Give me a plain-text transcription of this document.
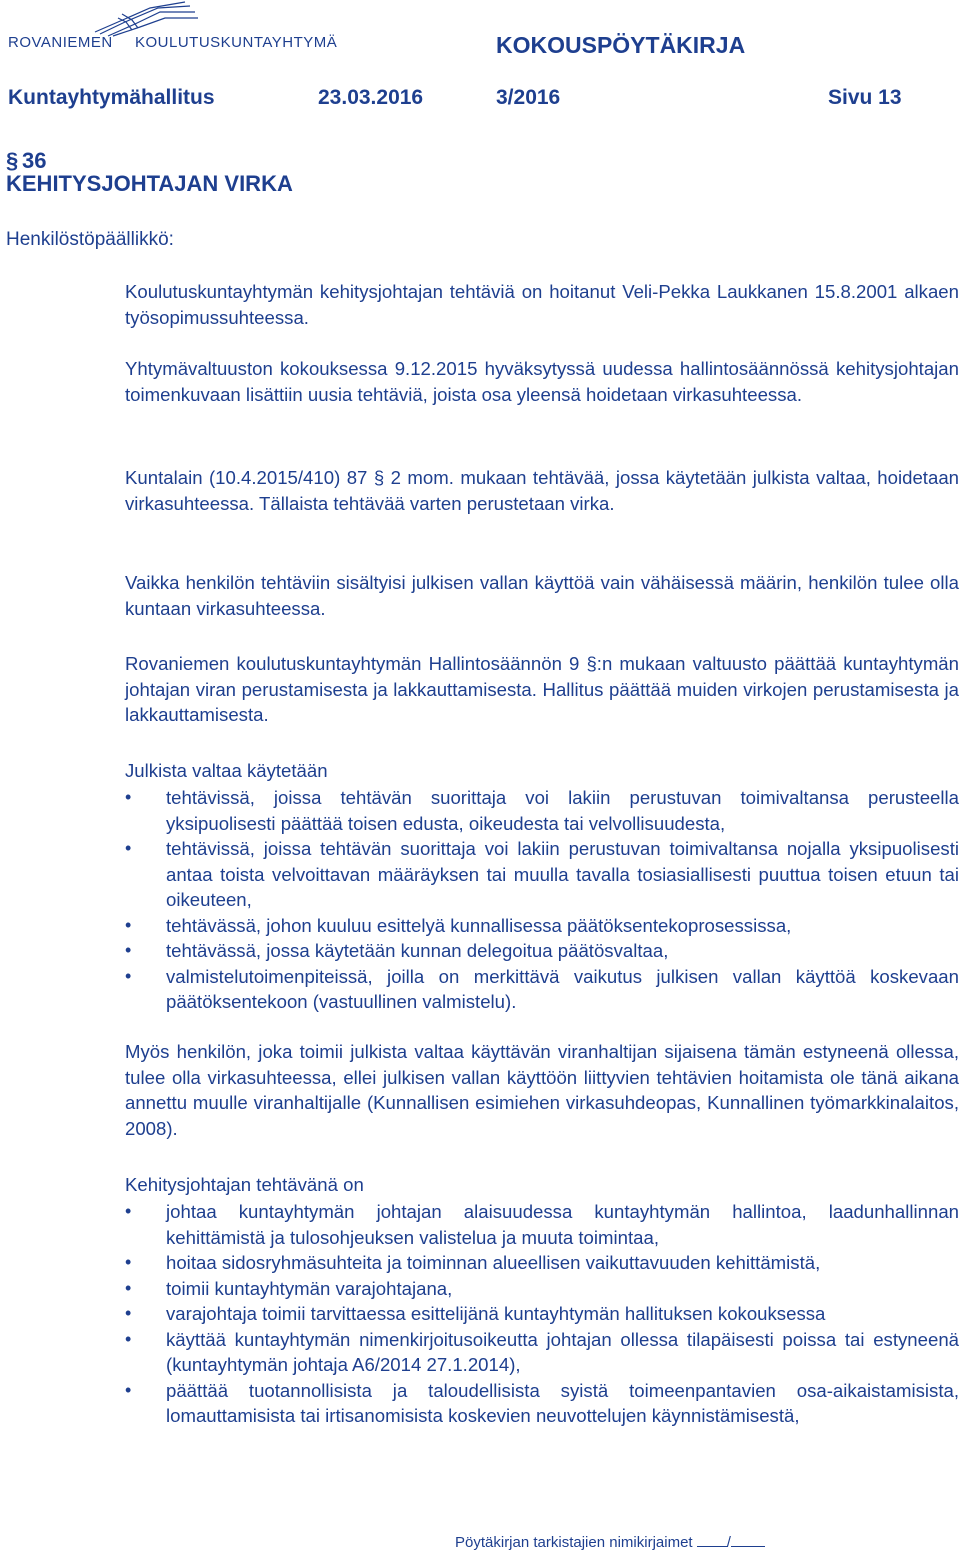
ROVANIEMEN KOULUTUSKUNTAYHTYMÄ	KOKOUSPÖYTÄKIRJA
Kuntayhtymähallitus	23.03.2016	3/2016	Sivu 13
§ 36
KEHITYSJOHTAJAN VIRKA
Henkilöstöpäällikkö:

Koulutuskuntayhtymän kehitysjohtajan tehtäviä on hoitanut Veli-Pekka Laukkanen 15.8.2001 alkaen työsopimussuhteessa.

Yhtymävaltuuston kokouksessa 9.12.2015 hyväksytyssä uudessa hallintosäännössä kehitysjohtajan toimenkuvaan lisättiin uusia tehtäviä, joista osa yleensä hoidetaan virkasuhteessa.

Kuntalain (10.4.2015/410) 87 § 2 mom. mukaan tehtävää, jossa käytetään julkista valtaa, hoidetaan virkasuhteessa. Tällaista tehtävää varten perustetaan virka.

Vaikka henkilön tehtäviin sisältyisi julkisen vallan käyttöä vain vähäisessä määrin, henkilön tulee olla kuntaan virkasuhteessa.

Rovaniemen koulutuskuntayhtymän Hallintosäännön 9 §:n mukaan valtuusto päättää kuntayhtymän johtajan viran perustamisesta ja lakkauttamisesta. Hallitus päättää muiden virkojen perustamisesta ja lakkauttamisesta.

Julkista valtaa käytetään
• tehtävissä, joissa tehtävän suorittaja voi lakiin perustuvan toimivaltansa perusteella yksipuolisesti päättää toisen edusta, oikeudesta tai velvollisuudesta,
• tehtävissä, joissa tehtävän suorittaja voi lakiin perustuvan toimivaltansa nojalla yksipuolisesti antaa toista velvoittavan määräyksen tai muulla tavalla tosiasiallisesti puuttua toisen etuun tai oikeuteen,
• tehtävässä, johon kuuluu esittelyä kunnallisessa päätöksentekoprosessissa,
• tehtävässä, jossa käytetään kunnan delegoitua päätösvaltaa,
• valmistelutoimenpiteissä, joilla on merkittävä vaikutus julkisen vallan käyttöä koskevaan päätöksentekoon (vastuullinen valmistelu).

Myös henkilön, joka toimii julkista valtaa käyttävän viranhaltijan sijaisena tämän estyneenä ollessa, tulee olla virkasuhteessa, ellei julkisen vallan käyttöön liittyvien tehtävien hoitamista ole tänä aikana annettu muulle viranhaltijalle (Kunnallisen esimiehen virkasuhdeopas, Kunnallinen työmarkkinalaitos, 2008).

Kehitysjohtajan tehtävänä on
• johtaa kuntayhtymän johtajan alaisuudessa kuntayhtymän hallintoa, laadunhallinnan kehittämistä ja tulosohjeuksen valistelua ja muuta toimintaa,
• hoitaa sidosryhmäsuhteita ja toiminnan alueellisen vaikuttavuuden kehittämistä,
• toimii kuntayhtymän varajohtajana,
• varajohtaja toimii tarvittaessa esittelijänä kuntayhtymän hallituksen kokouksessa
• käyttää kuntayhtymän nimenkirjoitusoikeutta johtajan ollessa tilapäisesti poissa tai estyneenä (kuntayhtymän johtaja A6/2014 27.1.2014),
• päättää tuotannollisista ja taloudellisista syistä toimeenpantavien osa-aikaistamisista, lomauttamisista tai irtisanomisista koskevien neuvottelujen käynnistämisestä,
Pöytäkirjan tarkistajien nimikirjaimet /
